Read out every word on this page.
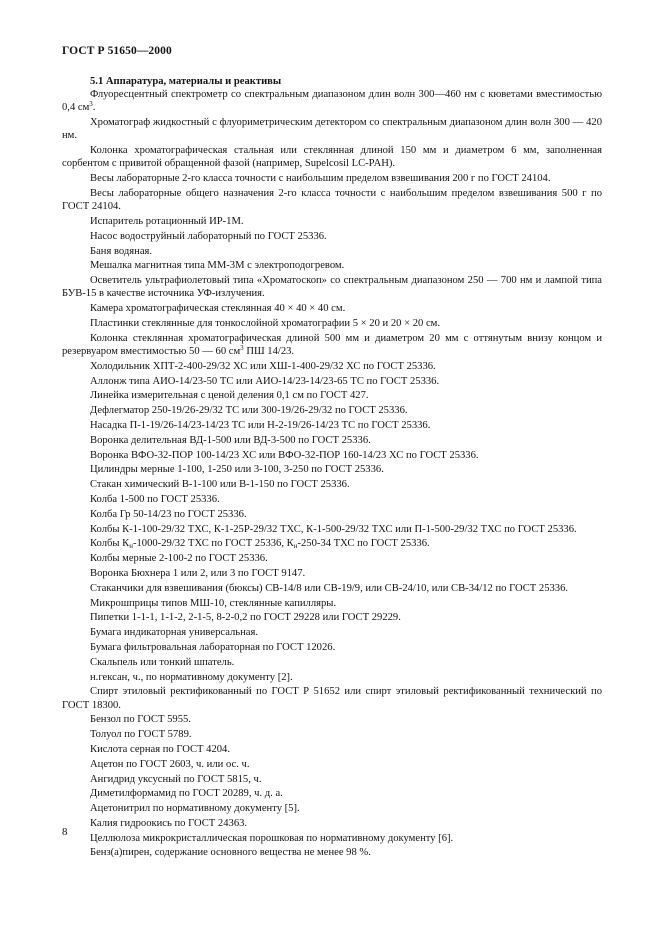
ГОСТ Р 51650—2000

5.1 Аппаратура, материалы и реактивы

Флуоресцентный спектрометр со спектральным диапазоном длин волн 300—460 нм с кюветами вместимостью 0,4 $см^3$.

Хроматограф жидкостный с флуориметрическим детектором со спектральным диапазоном длин волн 300 — 420 нм.

Колонка хроматографическая стальная или стеклянная длиной 150 мм и диаметром 6 мм, заполненная сорбентом с привитой обращенной фазой (например, Supelcosil LC-PAH).

Весы лабораторные 2-го класса точности с наибольшим пределом взвешивания 200 г по ГОСТ 24104.

Весы лабораторные общего назначения 2-го класса точности с наибольшим пределом взвешивания 500 г по ГОСТ 24104.

Испаритель ротационный ИР-1М.

Насос водоструйный лабораторный по ГОСТ 25336.

Баня водяная.

Мешалка магнитная типа ММ-3М с электроподогревом.

Осветитель ультрафиолетовый типа «Хроматоскоп» со спектральным диапазоном 250 — 700 нм и лампой типа БУВ-15 в качестве источника УФ-излучения.

Камера хроматографическая стеклянная 40 × 40 × 40 см.

Пластинки стеклянные для тонкослойной хроматографии 5 × 20 и 20 × 20 см.

Колонка стеклянная хроматографическая длиной 500 мм и диаметром 20 мм с оттянутым внизу концом и резервуаром вместимостью 50 — 60 $см^3$ ПШ 14/23.

Холодильник ХПТ-2-400-29/32 ХС или ХШ-1-400-29/32 ХС по ГОСТ 25336.

Аллонж типа АИО-14/23-50 ТС или АИО-14/23-14/23-65 ТС по ГОСТ 25336.

Линейка измерительная с ценой деления 0,1 см по ГОСТ 427.

Дефлегматор 250-19/26-29/32 ТС или 300-19/26-29/32 по ГОСТ 25336.

Насадка П-1-19/26-14/23-14/23 ТС или Н-2-19/26-14/23 ТС по ГОСТ 25336.

Воронка делительная ВД-1-500 или ВД-3-500 по ГОСТ 25336.

Воронка ВФО-32-ПОР 100-14/23 ХС или ВФО-32-ПОР 160-14/23 ХС по ГОСТ 25336.

Цилиндры мерные 1-100, 1-250 или 3-100, 3-250 по ГОСТ 25336.

Стакан химический В-1-100 или В-1-150 по ГОСТ 25336.

Колба 1-500 по ГОСТ 25336.

Колба Гр 50-14/23 по ГОСТ 25336.

Колбы К-1-100-29/32 ТХС, К-1-25Р-29/32 ТХС, К-1-500-29/32 ТХС или П-1-500-29/32 ТХС по ГОСТ 25336.

Колбы $К_н-1000-29/32$ ТХС по ГОСТ 25336, $К_н-250-34$ ТХС по ГОСТ 25336.

Колбы мерные 2-100-2 по ГОСТ 25336.

Воронка Бюхнера 1 или 2, или 3 по ГОСТ 9147.

Стаканчики для взвешивания (бюксы) СВ-14/8 или СВ-19/9, или СВ-24/10, или СВ-34/12 по ГОСТ 25336.

Микрошприцы типов МШ-10, стеклянные капилляры.

Пипетки 1-1-1, 1-1-2, 2-1-5, 8-2-0,2 по ГОСТ 29228 или ГОСТ 29229.

Бумага индикаторная универсальная.

Бумага фильтровальная лабораторная по ГОСТ 12026.

Скальпель или тонкий шпатель.

н.гексан, ч., по нормативному документу [2].

Спирт этиловый ректификованный по ГОСТ Р 51652 или спирт этиловый ректификованный технический по ГОСТ 18300.

Бензол по ГОСТ 5955.

Толуол по ГОСТ 5789.

Кислота серная по ГОСТ 4204.

Ацетон по ГОСТ 2603, ч. или ос. ч.

Ангидрид уксусный по ГОСТ 5815, ч.

Диметилформамид по ГОСТ 20289, ч. д. а.

Ацетонитрил по нормативному документу [5].

Калия гидроокись по ГОСТ 24363.

Целлюлоза микрокристаллическая порошковая по нормативному документу [6].

Бенз(а)пирен, содержание основного вещества не менее 98 %.

8
